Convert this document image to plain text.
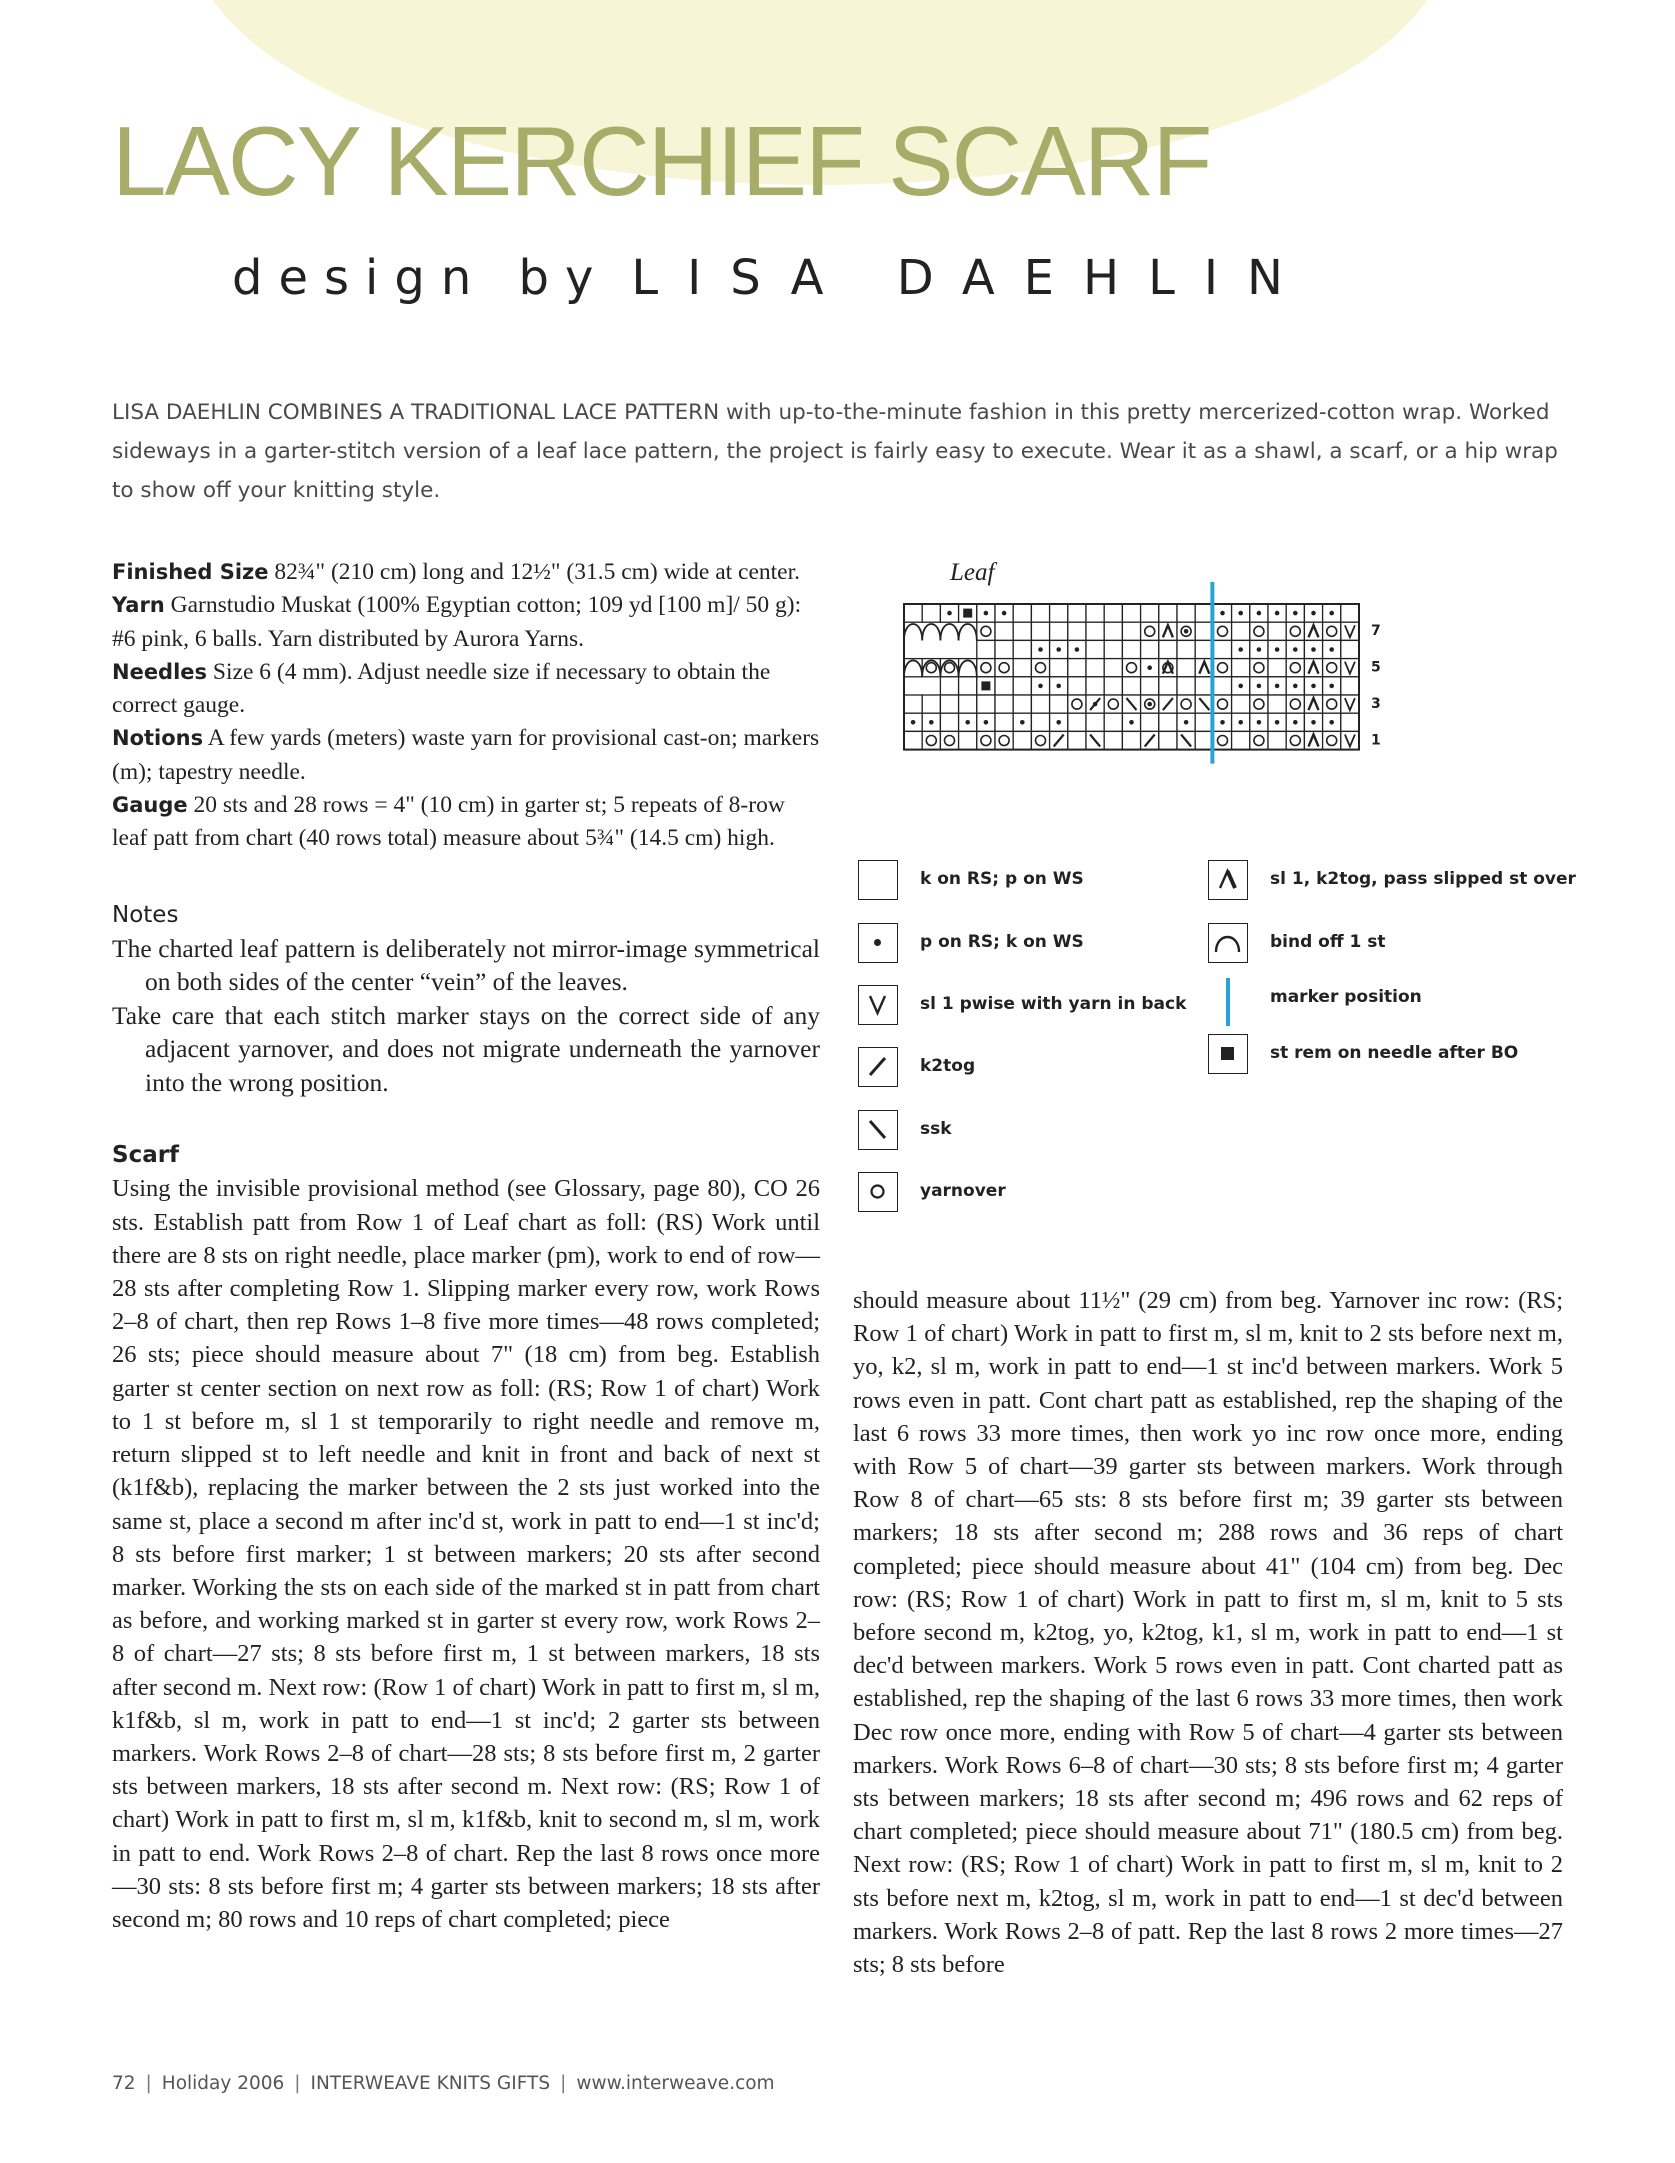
LACY KERCHIEF SCARF
design by LISA DAEHLIN
LISA DAEHLIN COMBINES A TRADITIONAL LACE PATTERN with up-to-the-minute fashion in this pretty mercerized-cotton wrap. Worked sideways in a garter-stitch version of a leaf lace pattern, the project is fairly easy to execute. Wear it as a shawl, a scarf, or a hip wrap to show off your knitting style.

Finished Size 82¾" (210 cm) long and 12½" (31.5 cm) wide at center.

Yarn Garnstudio Muskat (100% Egyptian cotton; 109 yd [100 m]/ 50 g): #6 pink, 6 balls. Yarn distributed by Aurora Yarns.

Needles Size 6 (4 mm). Adjust needle size if necessary to obtain the correct gauge.

Notions A few yards (meters) waste yarn for provisional cast-on; markers (m); tapestry needle.

Gauge 20 sts and 28 rows = 4" (10 cm) in garter st; 5 repeats of 8-row leaf patt from chart (40 rows total) measure about 5¾" (14.5 cm) high.

Notes

The charted leaf pattern is deliberately not mirror-image symmetrical on both sides of the center “vein” of the leaves.

Take care that each stitch marker stays on the correct side of any adjacent yarnover, and does not migrate underneath the yarnover into the wrong position.

Scarf

Using the invisible provisional method (see Glossary, page 80), CO 26 sts. Establish patt from Row 1 of Leaf chart as foll: (RS) Work until there are 8 sts on right needle, place marker (pm), work to end of row—28 sts after completing Row 1. Slipping marker every row, work Rows 2–8 of chart, then rep Rows 1–8 five more times—48 rows completed; 26 sts; piece should measure about 7" (18 cm) from beg. Establish garter st center section on next row as foll: (RS; Row 1 of chart) Work to 1 st before m, sl 1 st temporarily to right needle and remove m, return slipped st to left needle and knit in front and back of next st (k1f&b), replacing the marker between the 2 sts just worked into the same st, place a second m after inc'd st, work in patt to end—1 st inc'd; 8 sts before first marker; 1 st between markers; 20 sts after second marker. Working the sts on each side of the marked st in patt from chart as before, and working marked st in garter st every row, work Rows 2–8 of chart—27 sts; 8 sts before first m, 1 st between markers, 18 sts after second m. Next row: (Row 1 of chart) Work in patt to first m, sl m, k1f&b, sl m, work in patt to end—1 st inc'd; 2 garter sts between markers. Work Rows 2–8 of chart—28 sts; 8 sts before first m, 2 garter sts between markers, 18 sts after second m. Next row: (RS; Row 1 of chart) Work in patt to first m, sl m, k1f&b, knit to second m, sl m, work in patt to end. Work Rows 2–8 of chart. Rep the last 8 rows once more—30 sts: 8 sts before first m; 4 garter sts between markers; 18 sts after second m; 80 rows and 10 reps of chart completed; piece

Leaf
7
5
3
1
k on RS; p on WS
p on RS; k on WS
sl 1 pwise with yarn in back
k2tog
ssk
yarnover
sl 1, k2tog, pass slipped st over
bind off 1 st
marker position
st rem on needle after BO

should measure about 11½" (29 cm) from beg. Yarnover inc row: (RS; Row 1 of chart) Work in patt to first m, sl m, knit to 2 sts before next m, yo, k2, sl m, work in patt to end—1 st inc'd between markers. Work 5 rows even in patt. Cont chart patt as established, rep the shaping of the last 6 rows 33 more times, then work yo inc row once more, ending with Row 5 of chart—39 garter sts between markers. Work through Row 8 of chart—65 sts: 8 sts before first m; 39 garter sts between markers; 18 sts after second m; 288 rows and 36 reps of chart completed; piece should measure about 41" (104 cm) from beg. Dec row: (RS; Row 1 of chart) Work in patt to first m, sl m, knit to 5 sts before second m, k2tog, yo, k2tog, k1, sl m, work in patt to end—1 st dec'd between markers. Work 5 rows even in patt. Cont charted patt as established, rep the shaping of the last 6 rows 33 more times, then work Dec row once more, ending with Row 5 of chart—4 garter sts between markers. Work Rows 6–8 of chart—30 sts; 8 sts before first m; 4 garter sts between markers; 18 sts after second m; 496 rows and 62 reps of chart completed; piece should measure about 71" (180.5 cm) from beg. Next row: (RS; Row 1 of chart) Work in patt to first m, sl m, knit to 2 sts before next m, k2tog, sl m, work in patt to end—1 st dec'd between markers. Work Rows 2–8 of patt. Rep the last 8 rows 2 more times—27 sts; 8 sts before

72 | Holiday 2006 | INTERWEAVE KNITS GIFTS | www.interweave.com
